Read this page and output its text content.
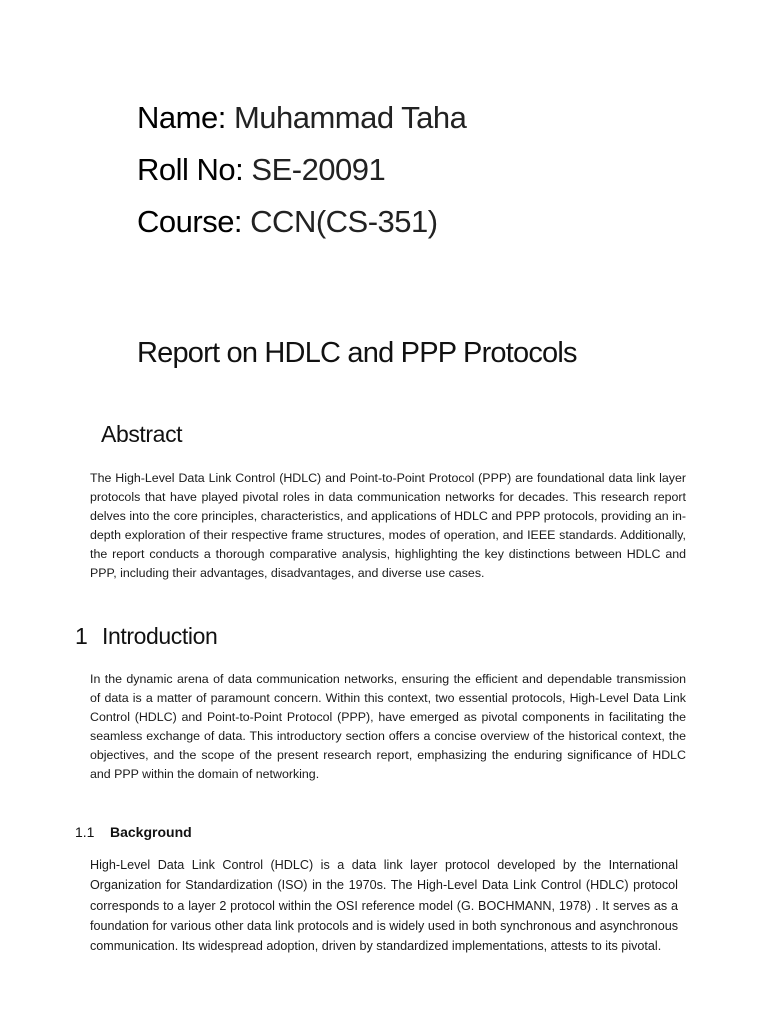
Name: Muhammad Taha
Roll No: SE-20091
Course: CCN(CS-351)
Report on HDLC and PPP Protocols
Abstract

The High-Level Data Link Control (HDLC) and Point-to-Point Protocol (PPP) are foundational data link layer protocols that have played pivotal roles in data communication networks for decades. This research report delves into the core principles, characteristics, and applications of HDLC and PPP protocols, providing an in-depth exploration of their respective frame structures, modes of operation, and IEEE standards. Additionally, the report conducts a thorough comparative analysis, highlighting the key distinctions between HDLC and PPP, including their advantages, disadvantages, and diverse use cases.

1 Introduction

In the dynamic arena of data communication networks, ensuring the efficient and dependable transmission of data is a matter of paramount concern. Within this context, two essential protocols, High-Level Data Link Control (HDLC) and Point-to-Point Protocol (PPP), have emerged as pivotal components in facilitating the seamless exchange of data. This introductory section offers a concise overview of the historical context, the objectives, and the scope of the present research report, emphasizing the enduring significance of HDLC and PPP within the domain of networking.

1.1 Background

High-Level Data Link Control (HDLC) is a data link layer protocol developed by the International Organization for Standardization (ISO) in the 1970s. The High-Level Data Link Control (HDLC) protocol corresponds to a layer 2 protocol within the OSI reference model (G. BOCHMANN, 1978) . It serves as a foundation for various other data link protocols and is widely used in both synchronous and asynchronous communication. Its widespread adoption, driven by standardized implementations, attests to its pivotal.
